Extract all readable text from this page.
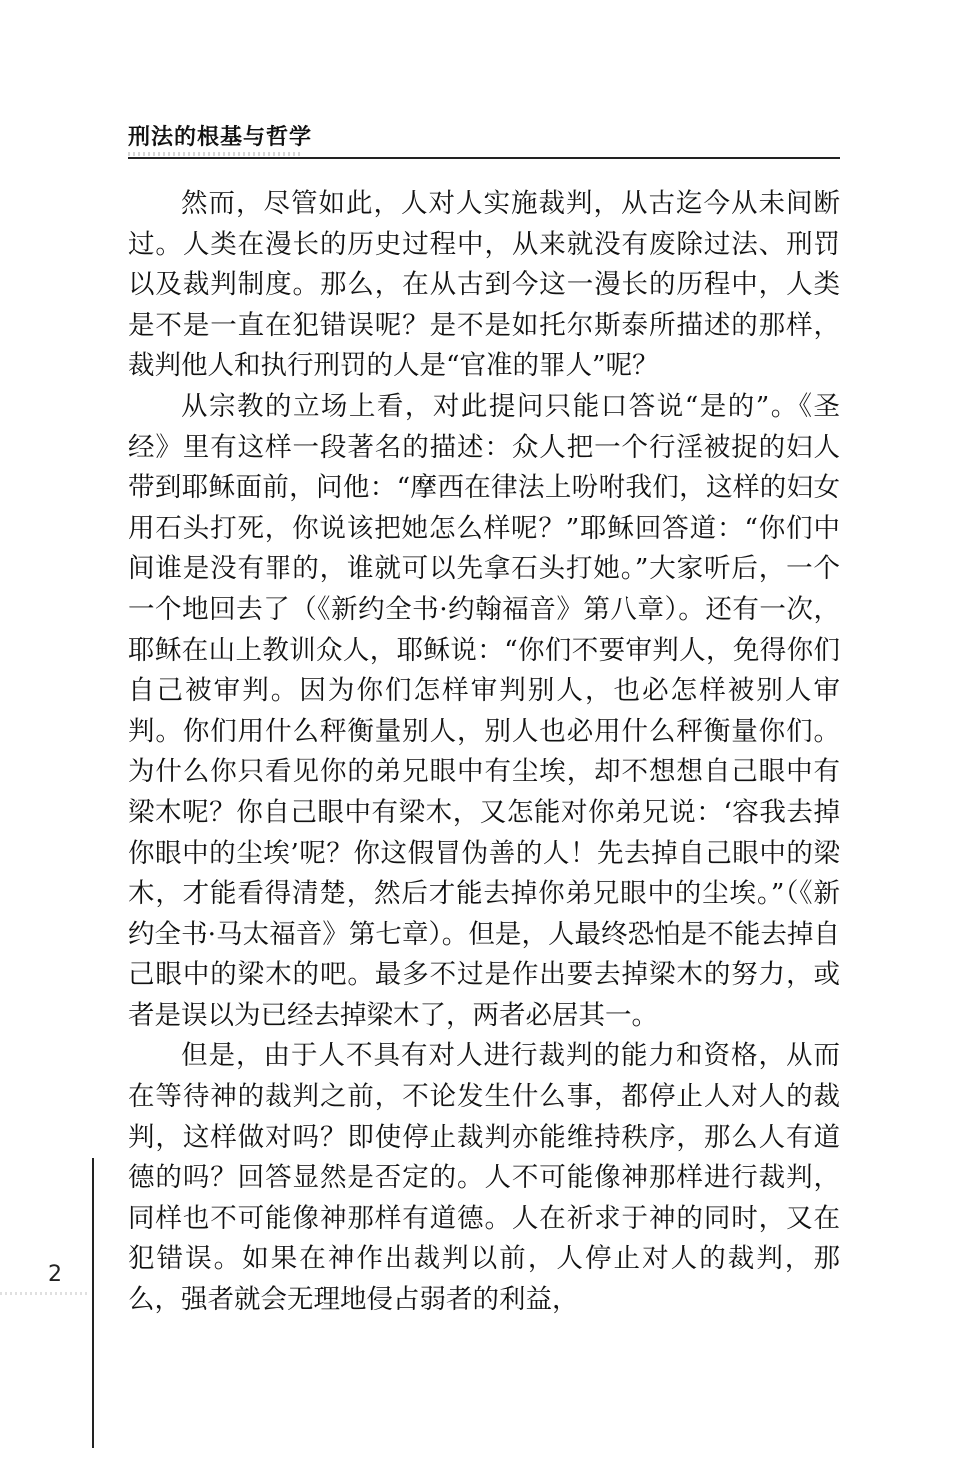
刑法的根基与哲学

然而，尽管如此，人对人实施裁判，从古迄今从未间断过。人类在漫长的历史过程中，从来就没有废除过法、刑罚以及裁判制度。那么，在从古到今这一漫长的历程中，人类是不是一直在犯错误呢？是不是如托尔斯泰所描述的那样，裁判他人和执行刑罚的人是“官准的罪人”呢？

从宗教的立场上看，对此提问只能口答说“是的”。《圣经》里有这样一段著名的描述：众人把一个行淫被捉的妇人带到耶稣面前，问他：“摩西在律法上吩咐我们，这样的妇女用石头打死，你说该把她怎么样呢？”耶稣回答道：“你们中间谁是没有罪的，谁就可以先拿石头打她。”大家听后，一个一个地回去了（《新约全书·约翰福音》第八章）。还有一次，耶稣在山上教训众人，耶稣说：“你们不要审判人，免得你们自己被审判。因为你们怎样审判别人，也必怎样被别人审判。你们用什么秤衡量别人，别人也必用什么秤衡量你们。为什么你只看见你的弟兄眼中有尘埃，却不想想自己眼中有梁木呢？你自己眼中有梁木，又怎能对你弟兄说：‘容我去掉你眼中的尘埃’呢？你这假冒伪善的人！先去掉自己眼中的梁木，才能看得清楚，然后才能去掉你弟兄眼中的尘埃。”（《新约全书·马太福音》第七章）。但是，人最终恐怕是不能去掉自己眼中的梁木的吧。最多不过是作出要去掉梁木的努力，或者是误以为已经去掉梁木了，两者必居其一。

但是，由于人不具有对人进行裁判的能力和资格，从而在等待神的裁判之前，不论发生什么事，都停止人对人的裁判，这样做对吗？即使停止裁判亦能维持秩序，那么人有道德的吗？回答显然是否定的。人不可能像神那样进行裁判，同样也不可能像神那样有道德。人在祈求于神的同时，又在犯错误。如果在神作出裁判以前，人停止对人的裁判，那么，强者就会无理地侵占弱者的利益，

2
